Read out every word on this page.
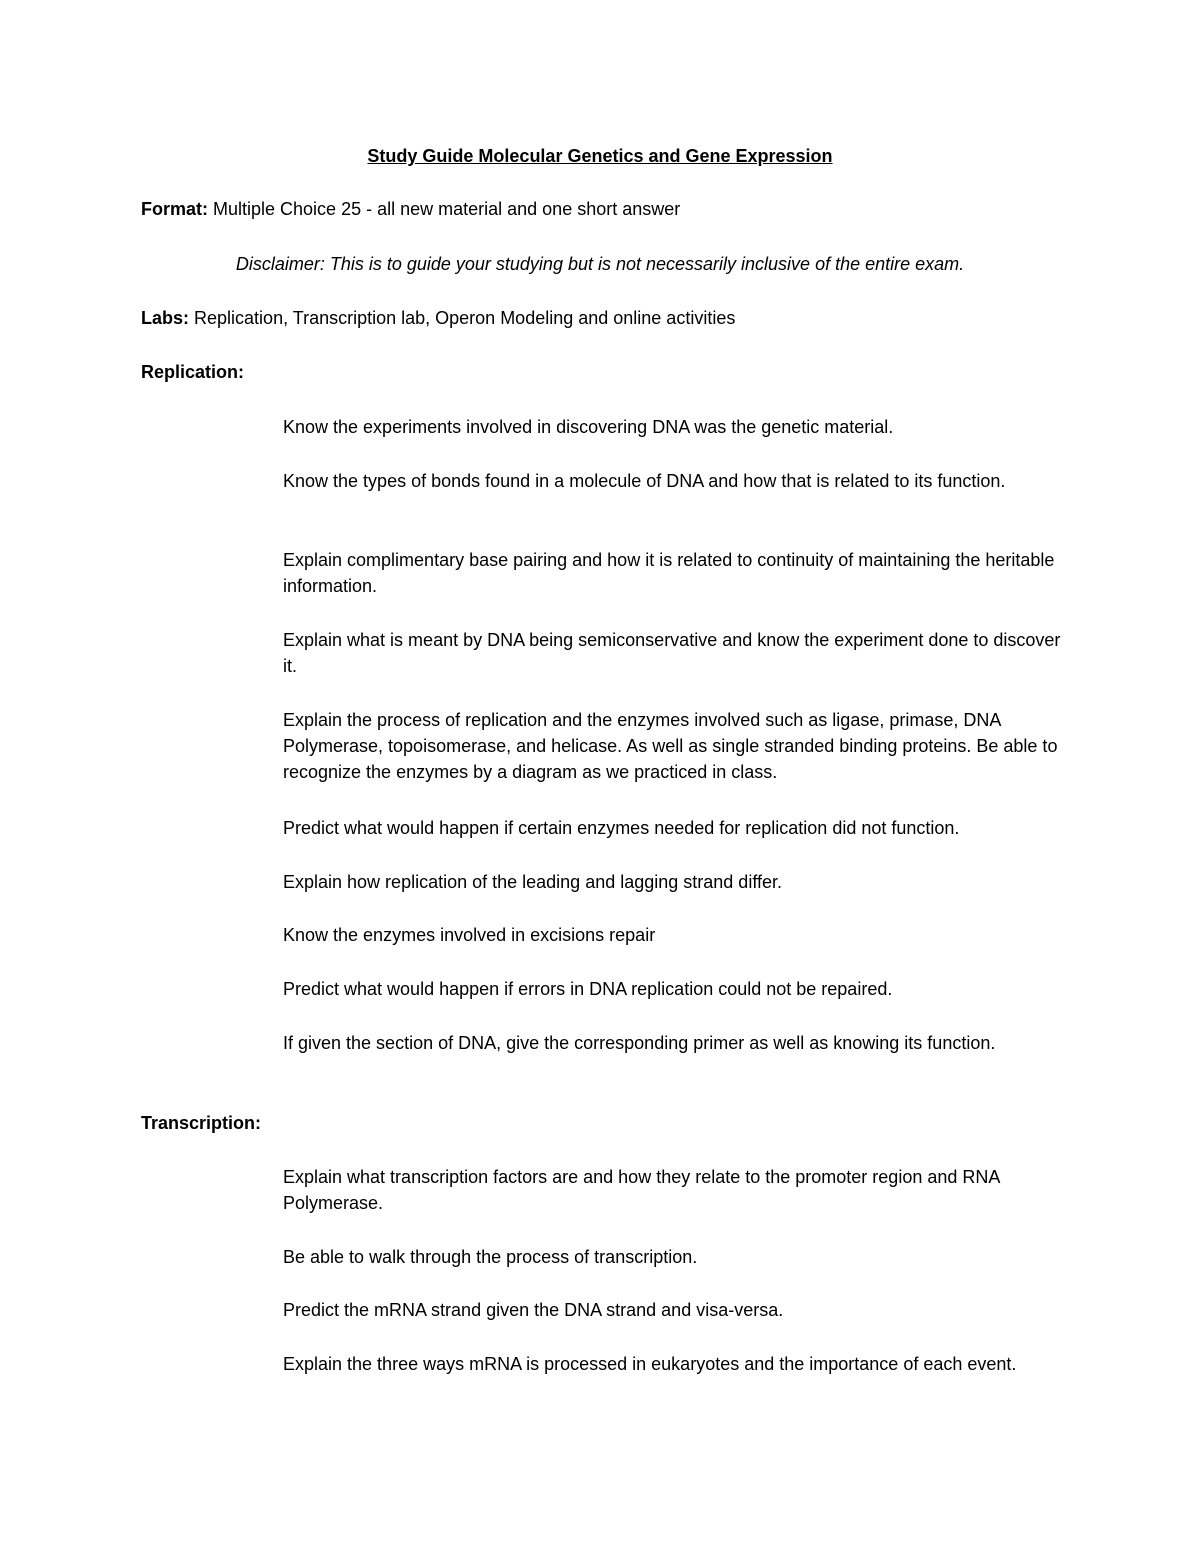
Study Guide Molecular Genetics and Gene Expression
Format: Multiple Choice 25 - all new material and one short answer
Disclaimer: This is to guide your studying but is not necessarily inclusive of the entire exam.
Labs: Replication, Transcription lab, Operon Modeling and online activities
Replication:
Know the experiments involved in discovering DNA was the genetic material.
Know the types of bonds found in a molecule of DNA and how that is related to its function.
Explain complimentary base pairing and how it is related to continuity of maintaining the heritable information.
Explain what is meant by DNA being semiconservative and know the experiment done to discover it.
Explain the process of replication and the enzymes involved such as ligase, primase, DNA Polymerase, topoisomerase, and helicase. As well as single stranded binding proteins. Be able to recognize the enzymes by a diagram as we practiced in class.
Predict what would happen if certain enzymes needed for replication did not function.
Explain how replication of the leading and lagging strand differ.
Know the enzymes involved in excisions repair
Predict what would happen if errors in DNA replication could not be repaired.
If given the section of DNA, give the corresponding primer as well as knowing its function.
Transcription:
Explain what transcription factors are and how they relate to the promoter region and RNA Polymerase.
Be able to walk through the process of transcription.
Predict the mRNA strand given the DNA strand and visa-versa.
Explain the three ways mRNA is processed in eukaryotes and the importance of each event.
